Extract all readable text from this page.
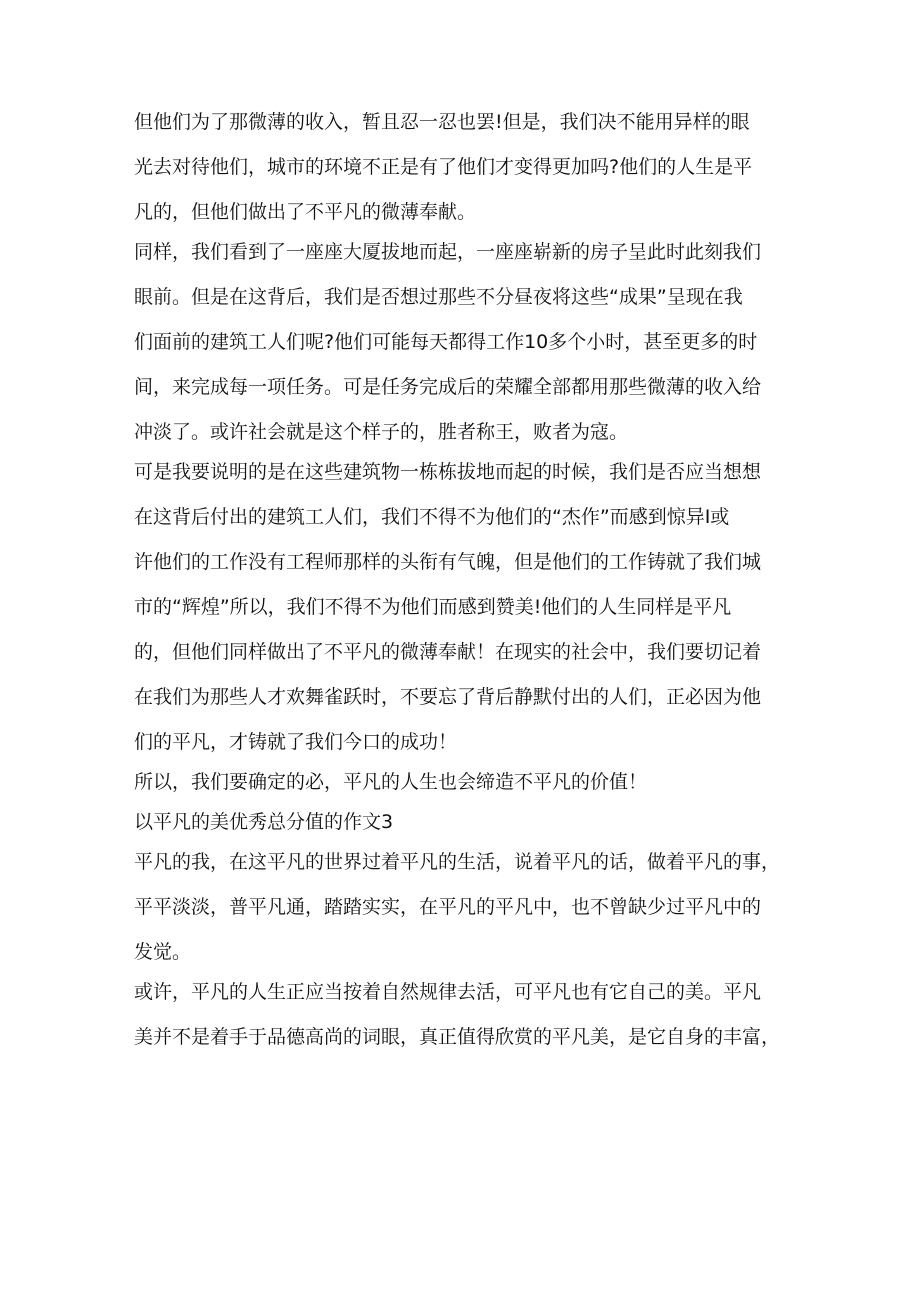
但他们为了那微薄的收入，暂且忍一忍也罢!但是，我们决不能用异样的眼
光去对待他们，城市的环境不正是有了他们才变得更加吗?他们的人生是平
凡的，但他们做出了不平凡的微薄奉献。
同样，我们看到了一座座大厦拔地而起，一座座崭新的房子呈此时此刻我们
眼前。但是在这背后，我们是否想过那些不分昼夜将这些“成果”呈现在我
们面前的建筑工人们呢?他们可能每天都得工作10多个小时，甚至更多的时
间，来完成每一项任务。可是任务完成后的荣耀全部都用那些微薄的收入给
冲淡了。或许社会就是这个样子的，胜者称王，败者为寇。
可是我要说明的是在这些建筑物一栋栋拔地而起的时候，我们是否应当想想
在这背后付出的建筑工人们，我们不得不为他们的“杰作”而感到惊异I或
许他们的工作没有工程师那样的头衔有气魄，但是他们的工作铸就了我们城
市的“辉煌”所以，我们不得不为他们而感到赞美!他们的人生同样是平凡
的，但他们同样做出了不平凡的微薄奉献！在现实的社会中，我们要切记着
在我们为那些人才欢舞雀跃时，不要忘了背后静默付出的人们，正必因为他
们的平凡，才铸就了我们今口的成功！
所以，我们要确定的必，平凡的人生也会缔造不平凡的价值！
以平凡的美优秀总分值的作文3
平凡的我，在这平凡的世界过着平凡的生活，说着平凡的话，做着平凡的事，
平平淡淡，普平凡通，踏踏实实，在平凡的平凡中，也不曾缺少过平凡中的
发觉。
或许，平凡的人生正应当按着自然规律去活，可平凡也有它自己的美。平凡
美并不是着手于品德高尚的词眼，真正值得欣赏的平凡美，是它自身的丰富，
